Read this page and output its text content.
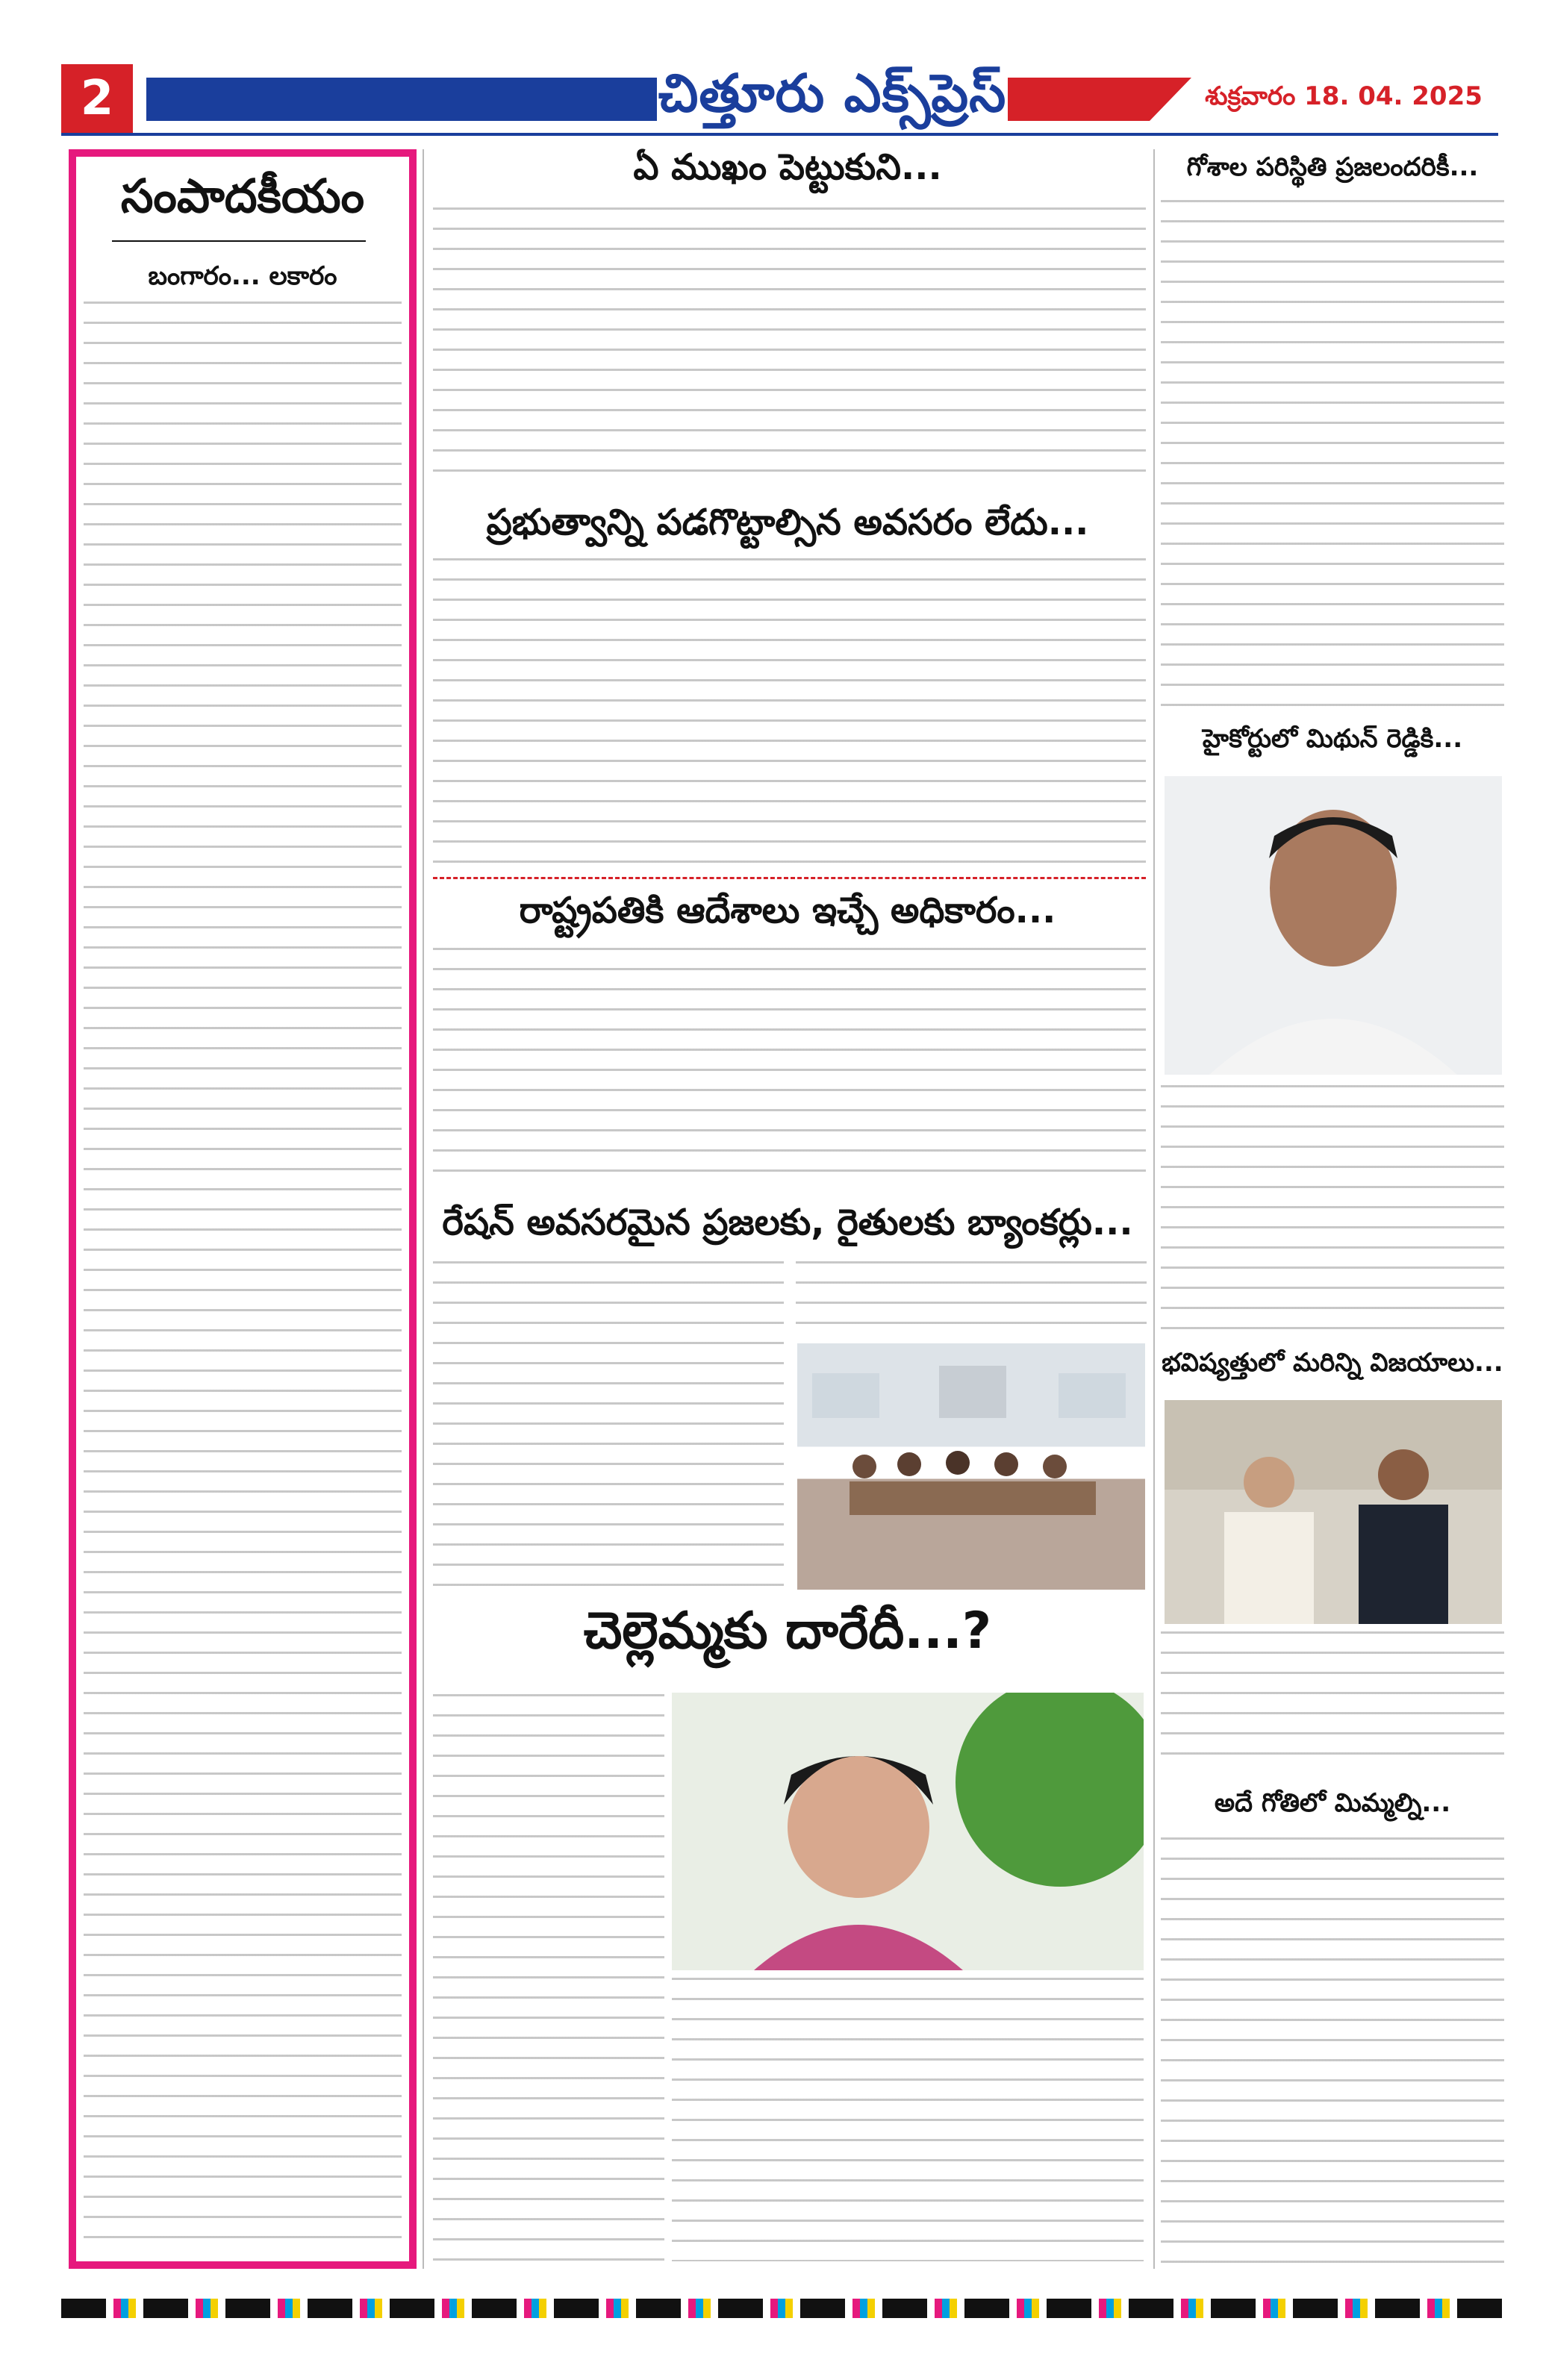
2	చిత్తూరు ఎక్స్‌ప్రెస్	శుక్రవారం 18. 04. 2025
సంపాదకీయం
బంగారం... లకారం
ఏ ముఖం పెట్టుకుని...
ప్రభుత్వాన్ని పడగొట్టాల్సిన అవసరం లేదు...
రాష్ట్రపతికి ఆదేశాలు ఇచ్చే అధికారం...
రేషన్ అవసరమైన ప్రజలకు, రైతులకు బ్యాంకర్లు...
చెల్లెమ్మకు దారేదీ...?
గోశాల పరిస్థితి ప్రజలందరికీ...
హైకోర్టులో మిథున్ రెడ్డికి...
భవిష్యత్తులో మరిన్ని విజయాలు...
అదే గోతిలో మిమ్మల్ని...
